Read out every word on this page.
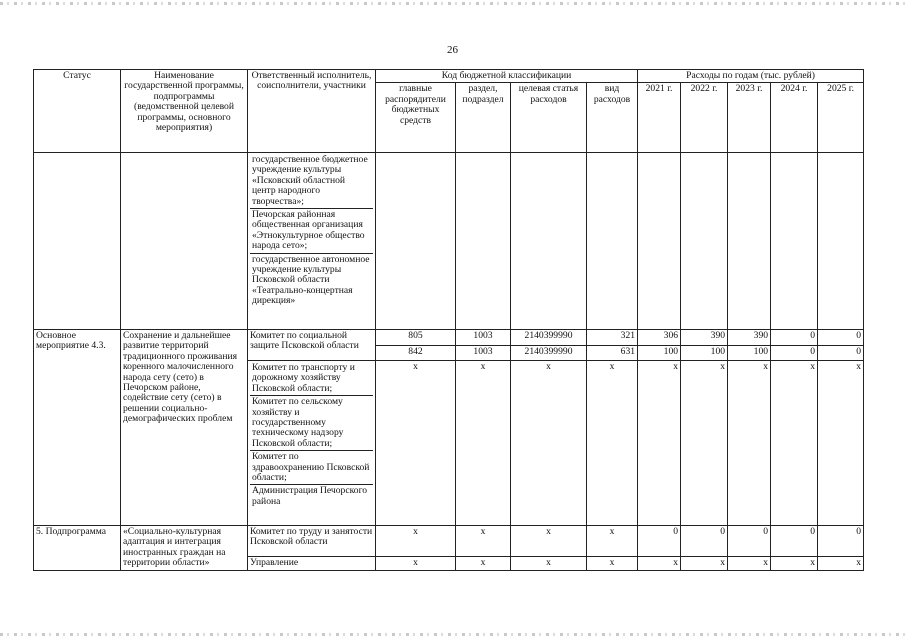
26
Статус	Наименование государственной программы, подпрограммы (ведомственной целевой программы, основного мероприятия)	Ответственный исполнитель, соисполнители, участники	Код бюджетной классификации				Расходы по годам (тыс. рублей)				
			главные распорядители бюджетных средств	раздел, подраздел	целевая статья расходов	вид расходов	2021 г.	2022 г.	2023 г.	2024 г.	2025 г.

		государственное бюджетное учреждение культуры «Псковский областной центр народного творчества»;
Печорская районная общественная организация «Этнокультурное общество народа сето»;
государственное автономное учреждение культуры Псковской области «Театрально-концертная дирекция»									

Основное мероприятие 4.3.	Сохранение и дальнейшее развитие территорий традиционного проживания коренного малочисленного народа сету (сето) в Печорском районе, содействие сету (сето) в решении социально-демографических проблем	Комитет по социальной защите Псковской области	805	1003	2140399990	321	306	390	390	0	0
			842	1003	2140399990	631	100	100	100	0	0

		Комитет по транспорту и дорожному хозяйству Псковской области;
Комитет по сельскому хозяйству и государственному техническому надзору Псковской области;
Комитет по здравоохранению Псковской области;
Администрация Печорского района	x	x	x	x	x	x	x	x	x
5. Подпрограмма	«Социально-культурная адаптация и интеграция иностранных граждан на территории области»	Комитет по труду и занятости Псковской области	x	x	x	x	0	0	0	0	0
		Управление	x	x	x	x	x	x	x	x	x
